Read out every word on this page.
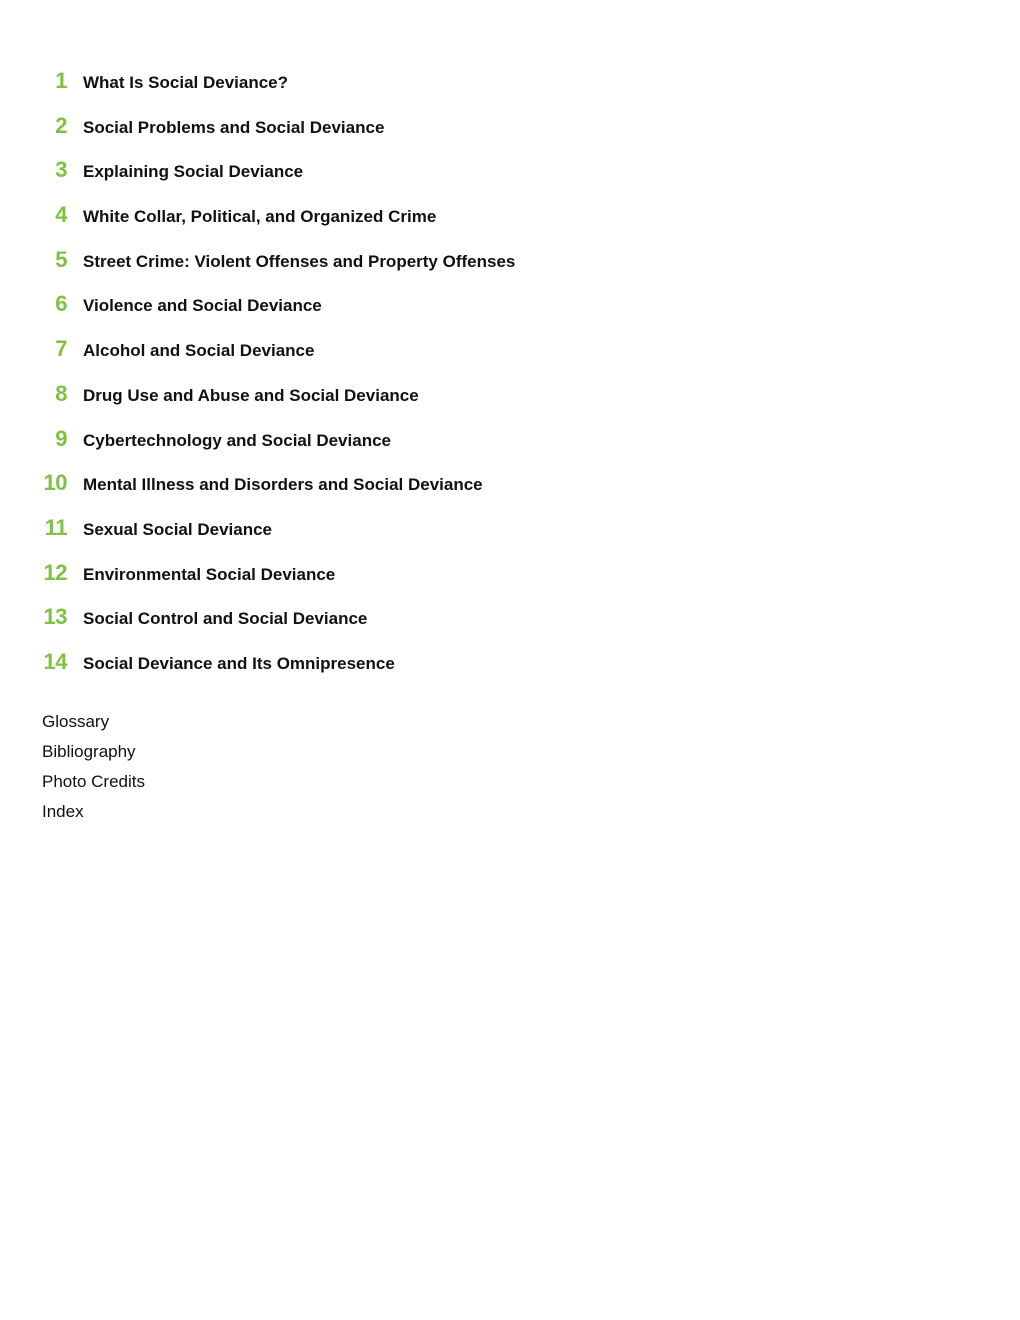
1 What Is Social Deviance?
2 Social Problems and Social Deviance
3 Explaining Social Deviance
4 White Collar, Political, and Organized Crime
5 Street Crime: Violent Offenses and Property Offenses
6 Violence and Social Deviance
7 Alcohol and Social Deviance
8 Drug Use and Abuse and Social Deviance
9 Cybertechnology and Social Deviance
10 Mental Illness and Disorders and Social Deviance
11 Sexual Social Deviance
12 Environmental Social Deviance
13 Social Control and Social Deviance
14 Social Deviance and Its Omnipresence
Glossary
Bibliography
Photo Credits
Index
